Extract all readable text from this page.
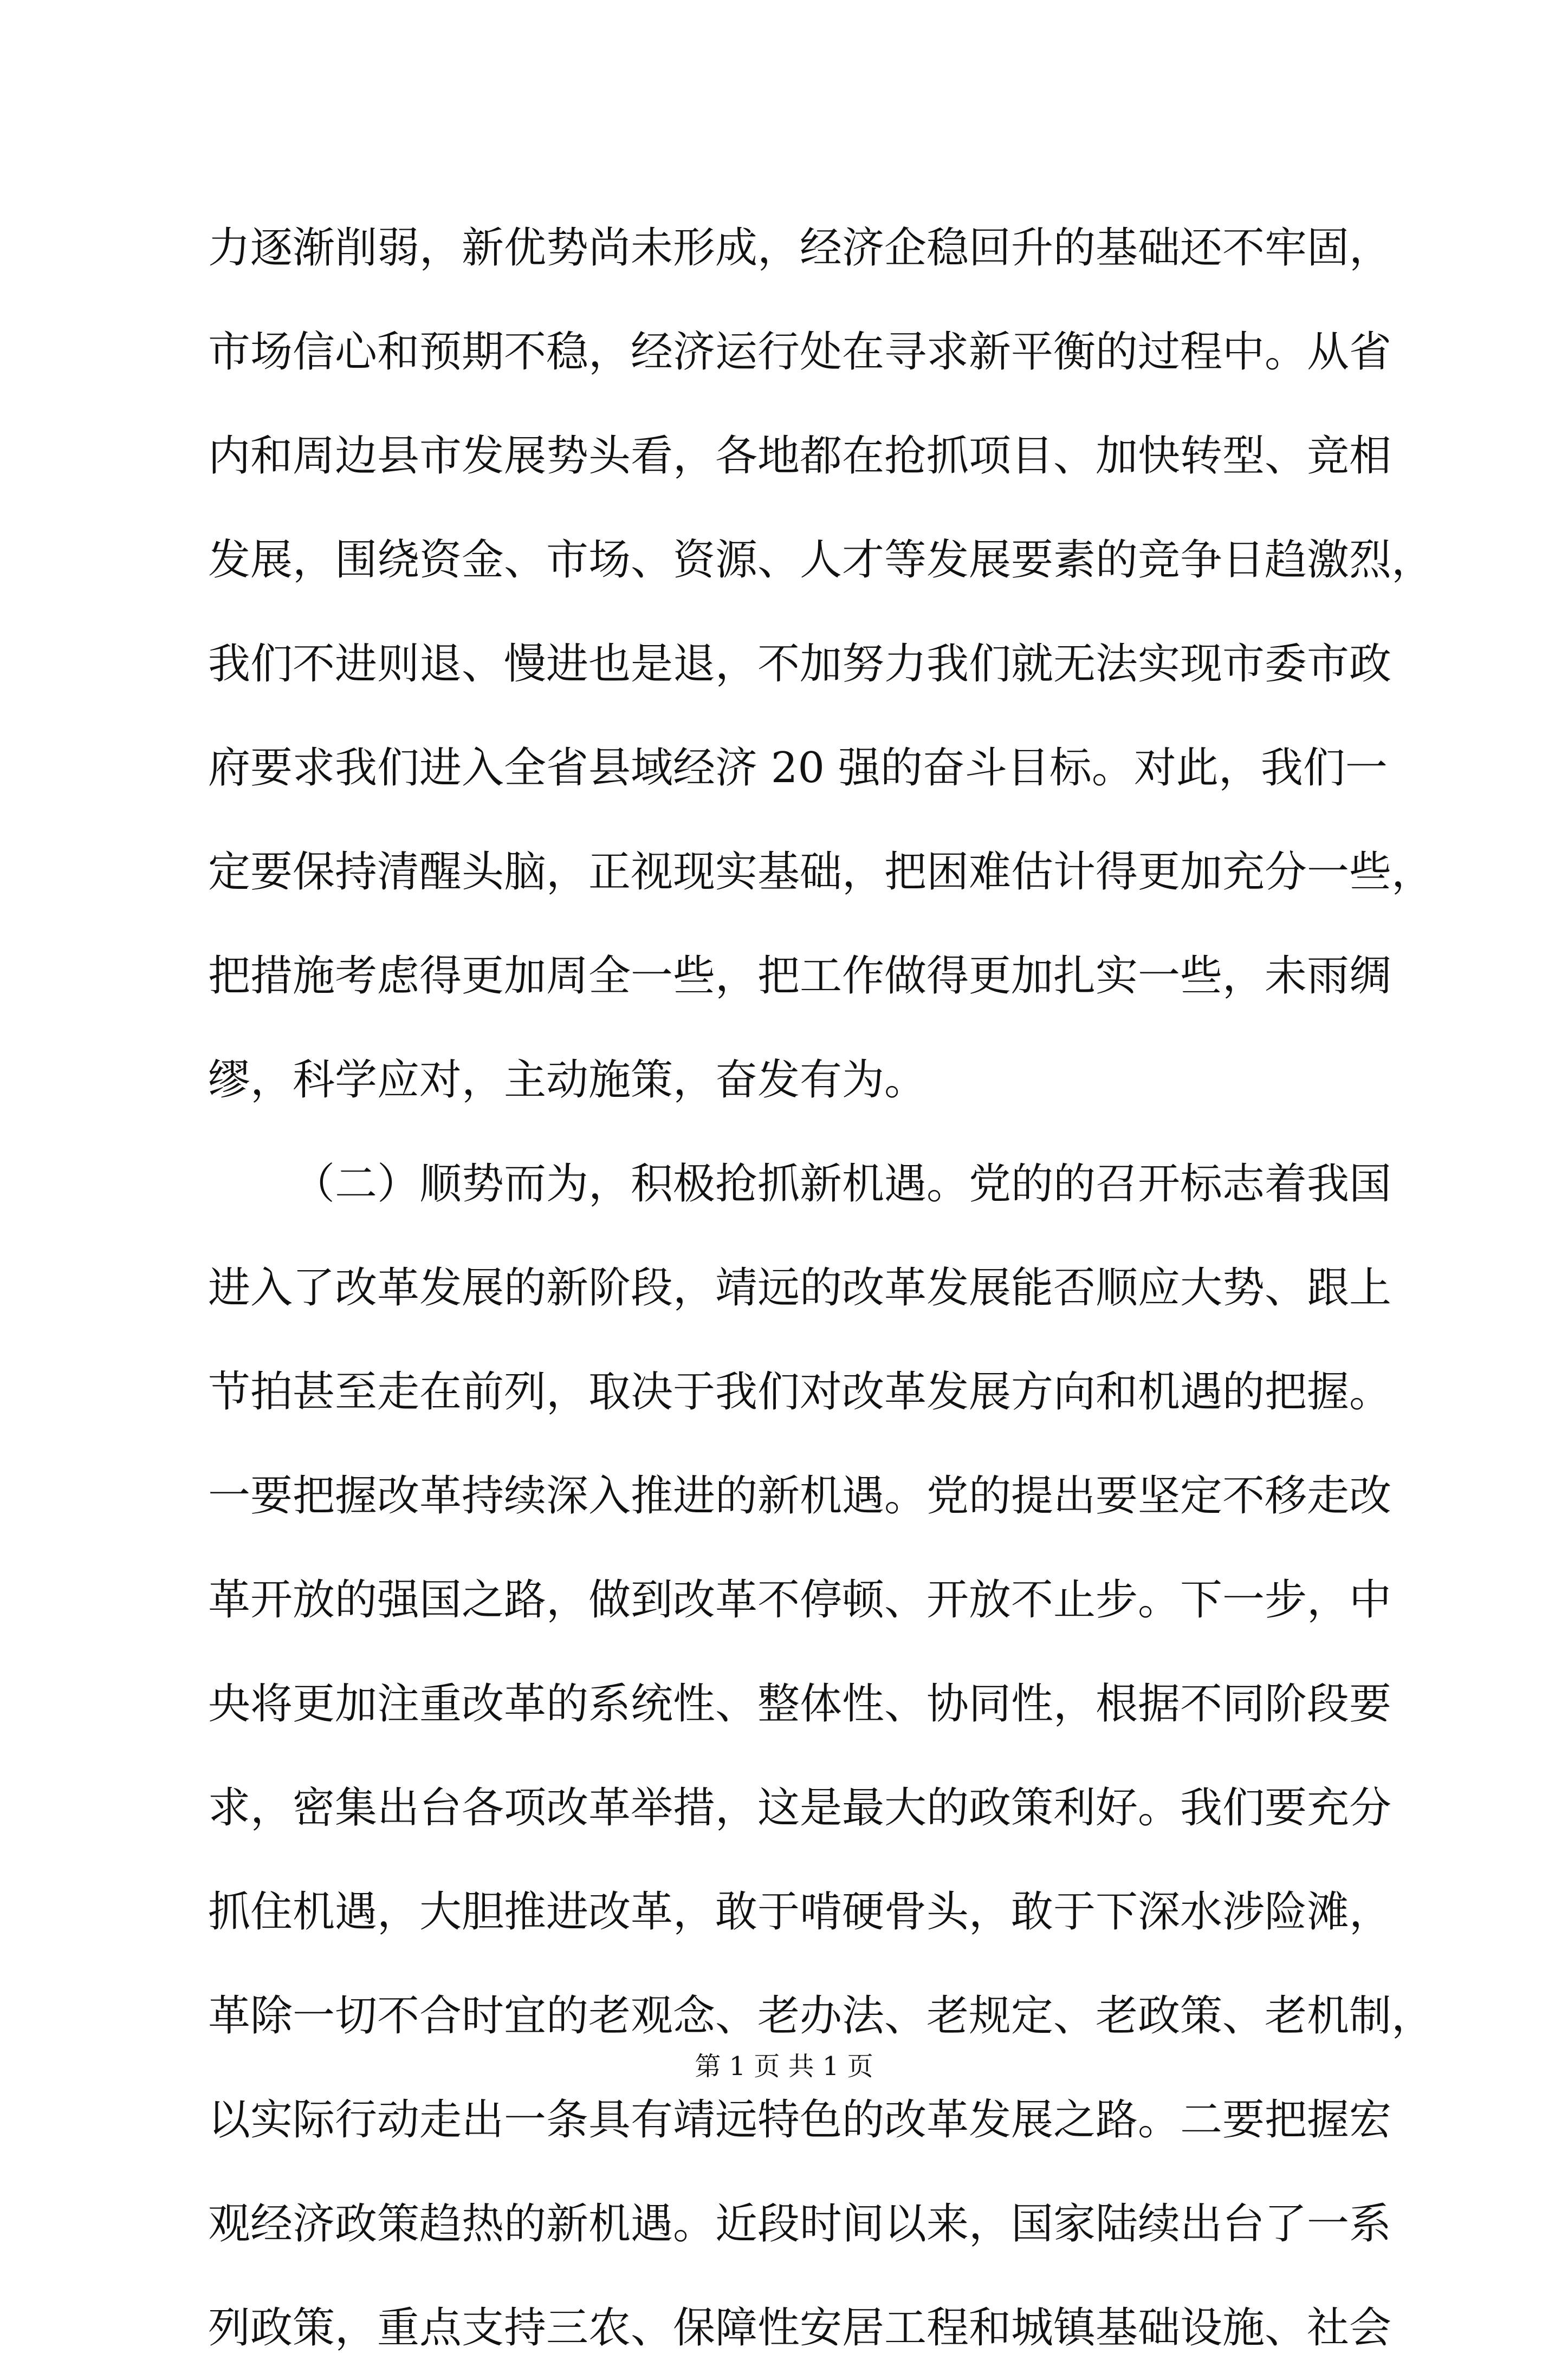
力逐渐削弱，新优势尚未形成，经济企稳回升的基础还不牢固，
市场信心和预期不稳，经济运行处在寻求新平衡的过程中。从省
内和周边县市发展势头看，各地都在抢抓项目、加快转型、竞相
发展，围绕资金、市场、资源、人才等发展要素的竞争日趋激烈，
我们不进则退、慢进也是退，不加努力我们就无法实现市委市政
府要求我们进入全省县域经济 20 强的奋斗目标。对此，我们一
定要保持清醒头脑，正视现实基础，把困难估计得更加充分一些，
把措施考虑得更加周全一些，把工作做得更加扎实一些，未雨绸
缪，科学应对，主动施策，奋发有为。
（二）顺势而为，积极抢抓新机遇。党的的召开标志着我国
进入了改革发展的新阶段，靖远的改革发展能否顺应大势、跟上
节拍甚至走在前列，取决于我们对改革发展方向和机遇的把握。
一要把握改革持续深入推进的新机遇。党的提出要坚定不移走改
革开放的强国之路，做到改革不停顿、开放不止步。下一步，中
央将更加注重改革的系统性、整体性、协同性，根据不同阶段要
求，密集出台各项改革举措，这是最大的政策利好。我们要充分
抓住机遇，大胆推进改革，敢于啃硬骨头，敢于下深水涉险滩，
革除一切不合时宜的老观念、老办法、老规定、老政策、老机制，
以实际行动走出一条具有靖远特色的改革发展之路。二要把握宏
观经济政策趋热的新机遇。近段时间以来，国家陆续出台了一系
列政策，重点支持三农、保障性安居工程和城镇基础设施、社会
第 1 页 共 1 页
